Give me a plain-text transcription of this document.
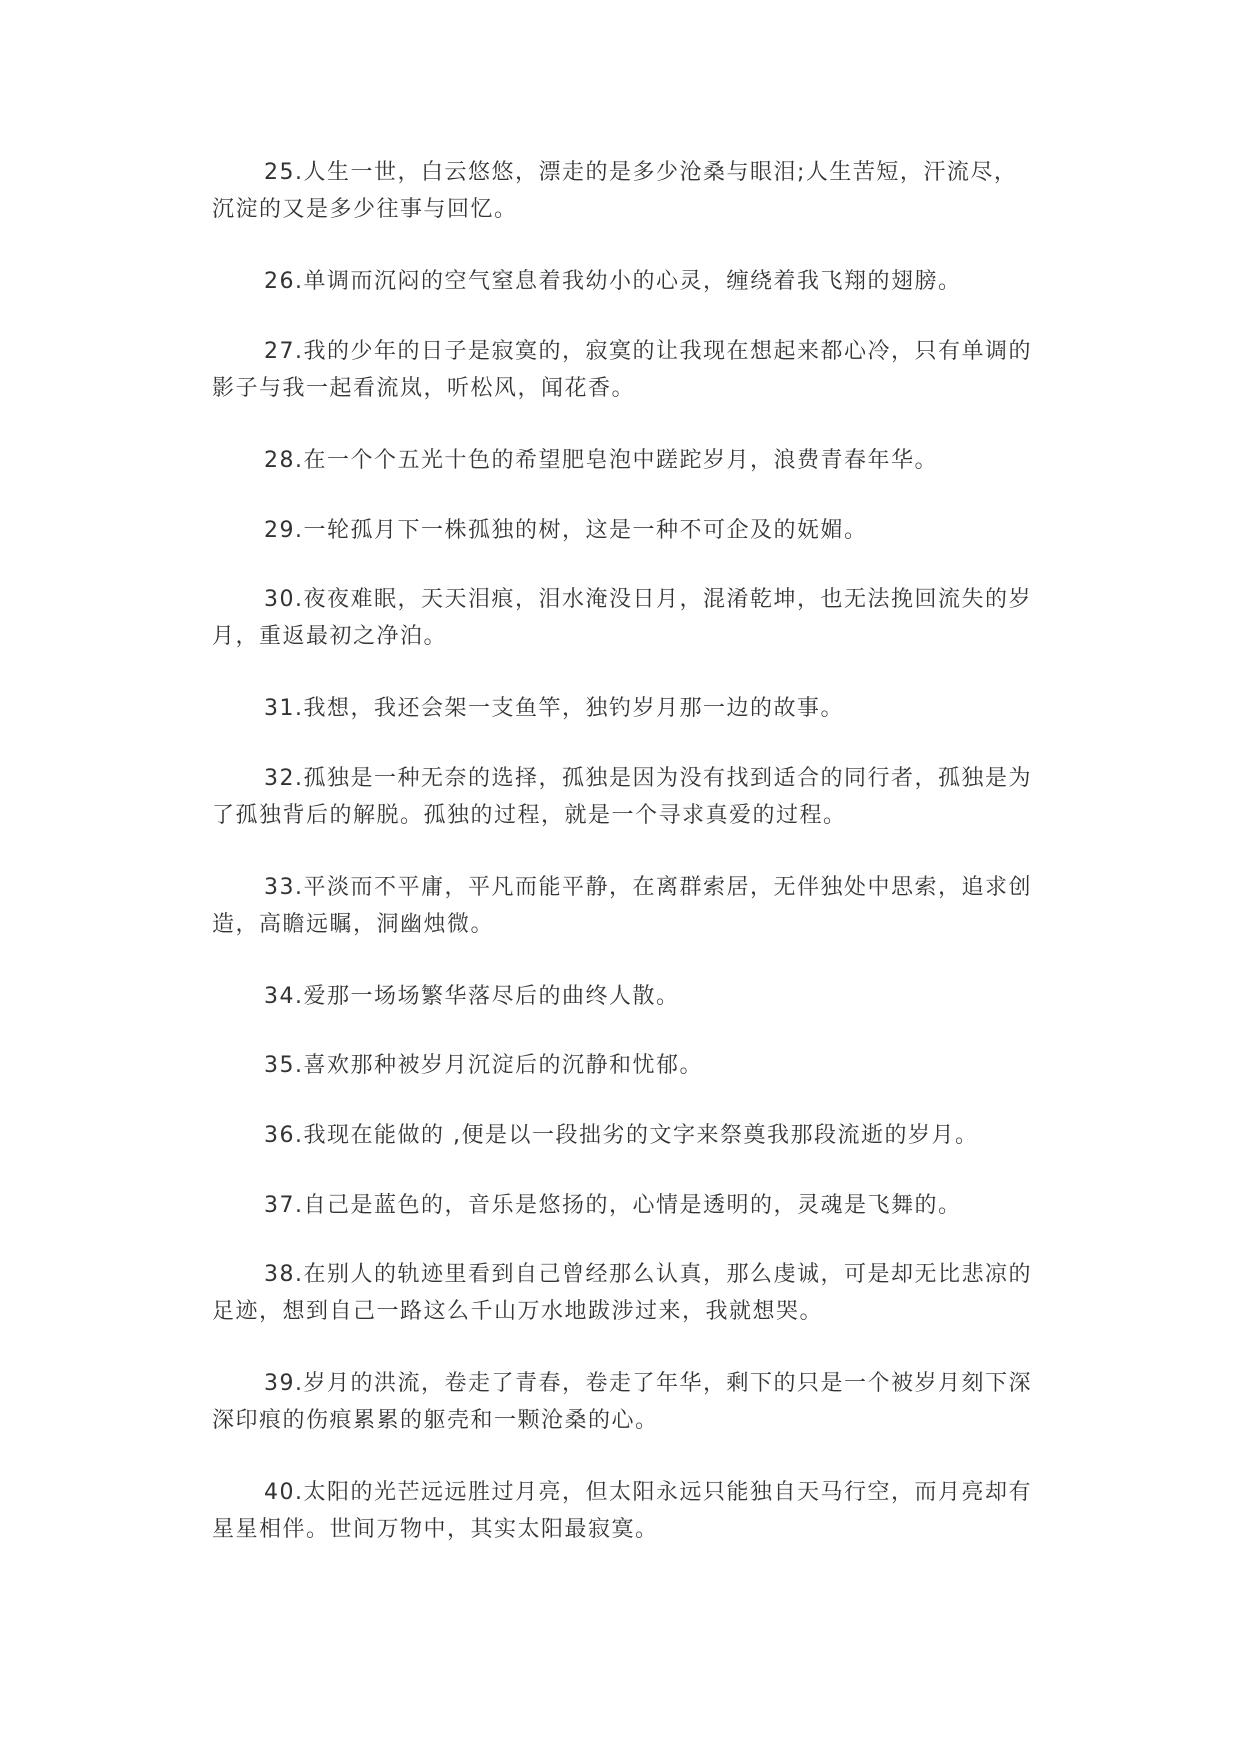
25.人生一世，白云悠悠，漂走的是多少沧桑与眼泪;人生苦短，汗流尽，沉淀的又是多少往事与回忆。

26.单调而沉闷的空气窒息着我幼小的心灵，缠绕着我飞翔的翅膀。

27.我的少年的日子是寂寞的，寂寞的让我现在想起来都心冷，只有单调的影子与我一起看流岚，听松风，闻花香。

28.在一个个五光十色的希望肥皂泡中蹉跎岁月，浪费青春年华。

29.一轮孤月下一株孤独的树，这是一种不可企及的妩媚。

30.夜夜难眠，天天泪痕，泪水淹没日月，混淆乾坤，也无法挽回流失的岁月，重返最初之净泊。

31.我想，我还会架一支鱼竿，独钓岁月那一边的故事。

32.孤独是一种无奈的选择，孤独是因为没有找到适合的同行者，孤独是为了孤独背后的解脱。孤独的过程，就是一个寻求真爱的过程。

33.平淡而不平庸，平凡而能平静，在离群索居，无伴独处中思索，追求创造，高瞻远瞩，洞幽烛微。

34.爱那一场场繁华落尽后的曲终人散。

35.喜欢那种被岁月沉淀后的沉静和忧郁。

36.我现在能做的 ,便是以一段拙劣的文字来祭奠我那段流逝的岁月。

37.自己是蓝色的，音乐是悠扬的，心情是透明的，灵魂是飞舞的。

38.在别人的轨迹里看到自己曾经那么认真，那么虔诚，可是却无比悲凉的足迹，想到自己一路这么千山万水地跋涉过来，我就想哭。

39.岁月的洪流，卷走了青春，卷走了年华，剩下的只是一个被岁月刻下深深印痕的伤痕累累的躯壳和一颗沧桑的心。

40.太阳的光芒远远胜过月亮，但太阳永远只能独自天马行空，而月亮却有星星相伴。世间万物中，其实太阳最寂寞。
